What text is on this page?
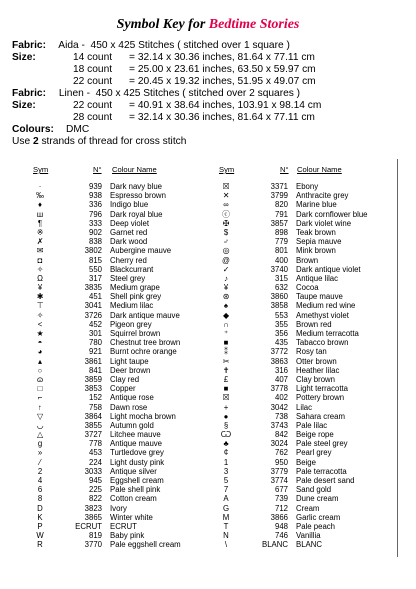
Symbol Key for Bedtime Stories
Fabric: Aida -  450 x 425 Stitches ( stitched over 1 square )
Size:	14 count      = 32.14 x 30.36 inches, 81.64 x 77.11 cm
18 count      = 25.00 x 23.61 inches, 63.50 x 59.97 cm
22 count      = 20.45 x 19.32 inches, 51.95 x 49.07 cm
Fabric: Linen -  450 x 425 Stitches ( stitched over 2 squares )
Size:	22 count      = 40.91 x 38.64 inches, 103.91 x 98.14 cm
28 count      = 32.14 x 30.36 inches, 81.64 x 77.11 cm
Colours: DMC
Use 2 strands of thread for cross stitch
Sym	N° Colour Name	Sym	N° Colour Name
·	939 Dark navy blue
‰	938 Espresso brown
♦	336 Indigo blue
ш	796 Dark royal blue
¶	333 Deep violet
※	902 Garnet red
✗	838 Dark wood
✉	3802 Aubergine mauve
◘	815 Cherry red
✧	550 Blackcurrant
Ω	317 Steel grey
¥	3835 Medium grape
✱	451 Shell pink grey
⊤	3041 Medium lilac
✧	3726 Dark antique mauve
<	452 Pigeon grey
★	301 Squirrel brown
◓	780 Chestnut tree brown
◕	921 Burnt ochre orange
▴	3861 Light taupe
○	841 Deer brown
ɷ	3859 Clay red
□	3853 Copper
⌐	152 Antique rose
↑	758 Dawn rose
▽	3864 Light mocha brown
◡	3855 Autumn gold
△	3727 Litchee mauve
g	778 Antique mauve
»	453 Turtledove grey
⁄	224 Light dusty pink
2	3033 Antique silver
4	945 Eggshell cream
6	225 Pale shell pink
8	822 Cotton cream
D	3823 Ivory
K	3865 Winter white
P	ECRUT ECRUT
W	819 Baby pink
R	3770 Pale eggshell cream
☒	3371 Ebony
✕	3799 Anthracite grey
∞	820 Marine blue
ⓒ	791 Dark cornflower blue
✠	3857 Dark violet wine
$	898 Teak brown
♂	779 Sepia mauve
◎	801 Mink brown
@	400 Brown
✓	3740 Dark antique violet
♪	315 Antique lilac
¥	632 Cocoa
⊛	3860 Taupe mauve
♠	3858 Medium red wine
◆	553 Amethyst violet
∩	355 Brown red
⁺	356 Medium terracotta
■	435 Tabacco brown
⁑	3772 Rosy tan
✂	3863 Otter brown
✝	316 Heather lilac
£	407 Clay brown
■	3778 Light terracotta
☒	402 Pottery brown
+	3042 Lilac
●	738 Sahara cream
§	3743 Pale lilac
Ѡ	842 Beige rope
♣	3024 Pale steel grey
¢	762 Pearl grey
1	950 Beige
3	3779 Pale terracotta
5	3774 Pale desert sand
7	677 Sand gold
A	739 Dune cream
G	712 Cream
M	3866 Garlic cream
T	948 Pale peach
N	746 Vanillia
\	BLANC BLANC
